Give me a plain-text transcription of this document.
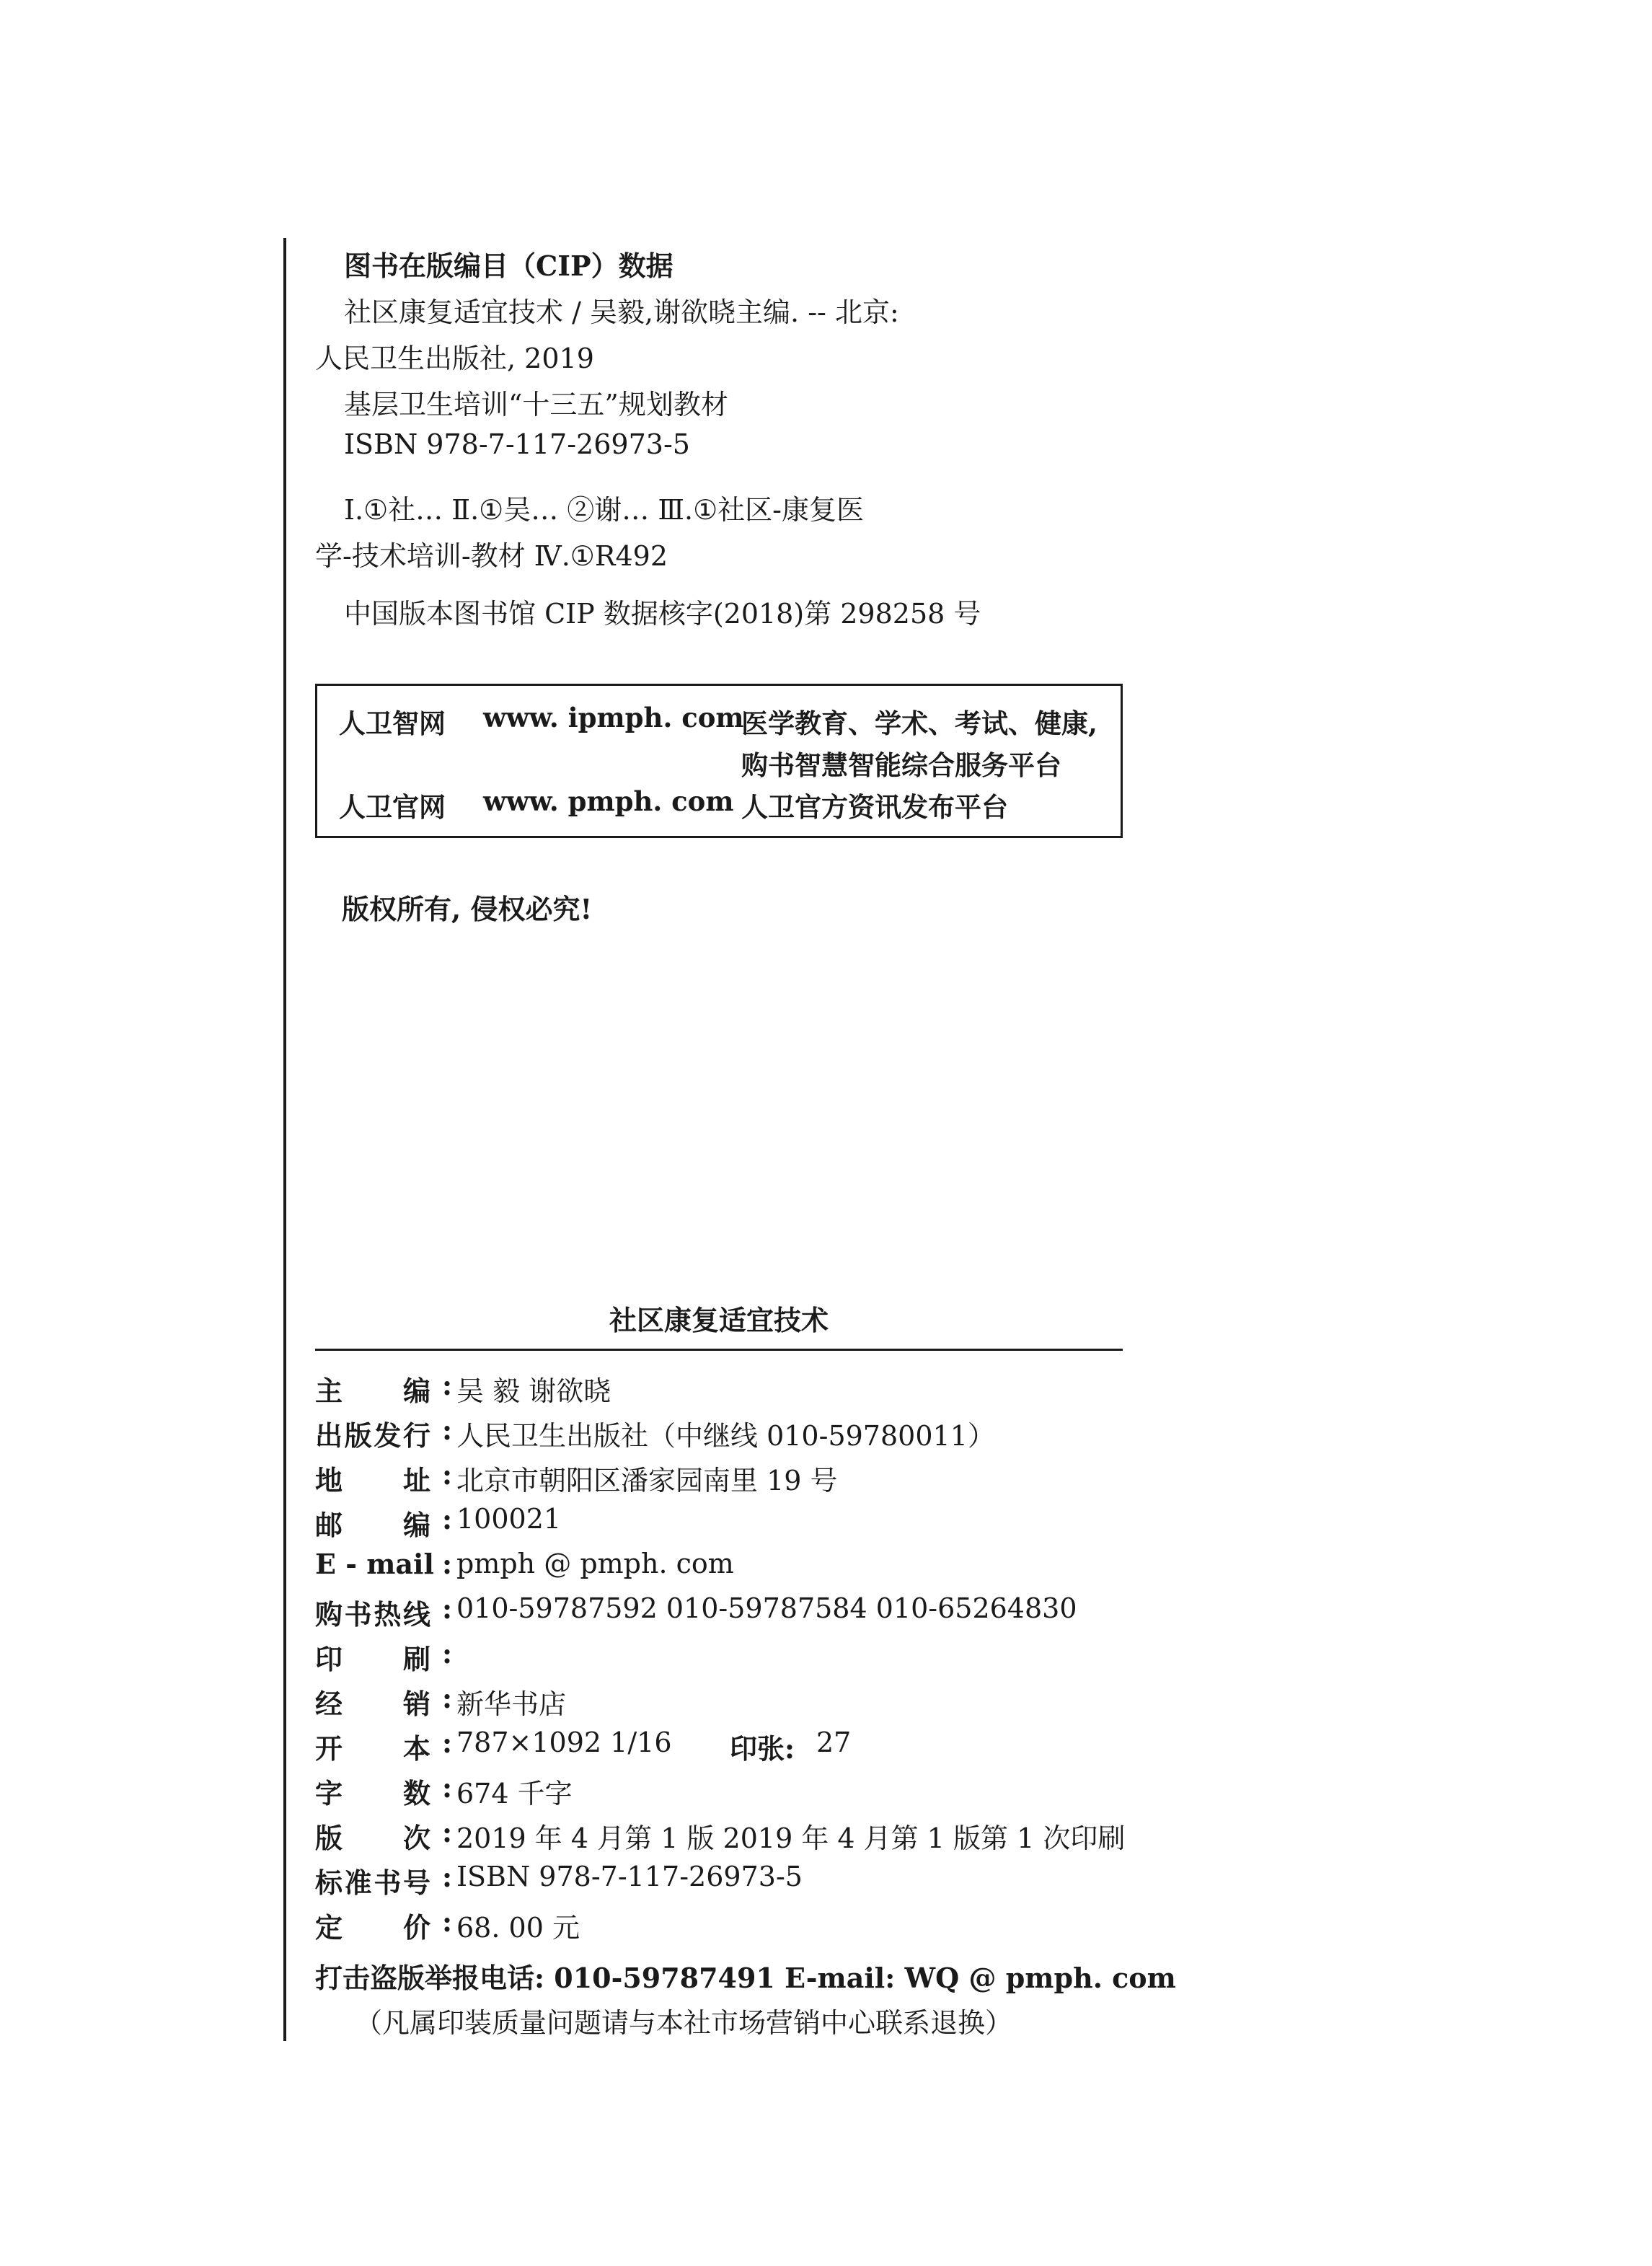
图书在版编目（CIP）数据
社区康复适宜技术 / 吴毅,谢欲晓主编. -- 北京:
人民卫生出版社, 2019
基层卫生培训“十三五”规划教材
ISBN 978-7-117-26973-5
Ⅰ.①社… Ⅱ.①吴… ②谢… Ⅲ.①社区-康复医
学-技术培训-教材 Ⅳ.①R492
中国版本图书馆 CIP 数据核字(2018)第 298258 号
人卫智网 www. ipmph. com
医学教育、学术、考试、健康,
购书智慧智能综合服务平台
人卫官网 www. pmph. com 人卫官方资讯发布平台
版权所有, 侵权必究!
社区康复适宜技术
主 编 : 吴 毅 谢欲晓
出版发行 : 人民卫生出版社（中继线 010-59780011）
地 址 : 北京市朝阳区潘家园南里 19 号
邮 编 : 100021
E - mail : pmph @ pmph. com
购书热线 : 010-59787592 010-59787584 010-65264830
印 刷 :
经 销 : 新华书店
开 本 : 787×1092 1/16 印张: 27
字 数 : 674 千字
版 次 : 2019 年 4 月第 1 版 2019 年 4 月第 1 版第 1 次印刷
标准书号 : ISBN 978-7-117-26973-5
定 价 : 68. 00 元
打击盗版举报电话: 010-59787491 E-mail: WQ @ pmph. com
（凡属印装质量问题请与本社市场营销中心联系退换）
